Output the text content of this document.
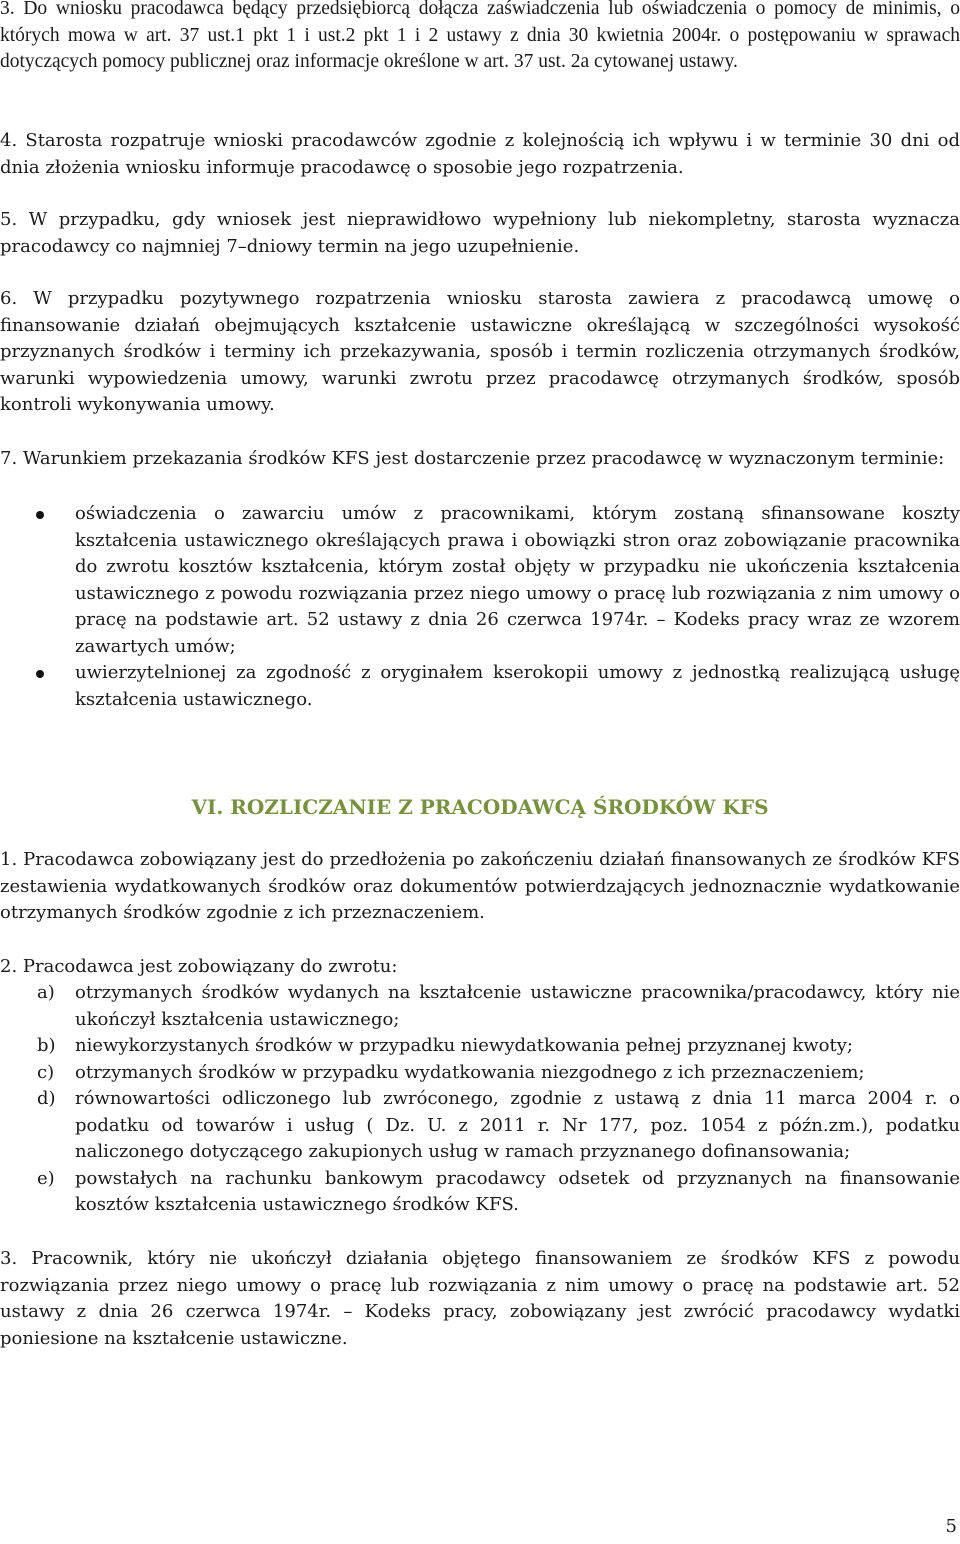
3. Do wniosku pracodawca będący przedsiębiorcą dołącza zaświadczenia lub oświadczenia o pomocy de minimis, o których mowa w art. 37 ust.1 pkt 1 i ust.2 pkt 1 i 2 ustawy z dnia 30 kwietnia 2004r. o postępowaniu w sprawach dotyczących pomocy publicznej oraz informacje określone w art. 37 ust. 2a cytowanej ustawy.

4. Starosta rozpatruje wnioski pracodawców zgodnie z kolejnością ich wpływu i w terminie 30 dni od dnia złożenia wniosku informuje pracodawcę o sposobie jego rozpatrzenia.

5. W przypadku, gdy wniosek jest nieprawidłowo wypełniony lub niekompletny, starosta wyznacza pracodawcy co najmniej 7–dniowy termin na jego uzupełnienie.

6. W przypadku pozytywnego rozpatrzenia wniosku starosta zawiera z pracodawcą umowę o finansowanie działań obejmujących kształcenie ustawiczne określającą w szczególności wysokość przyznanych środków i terminy ich przekazywania, sposób i termin rozliczenia otrzymanych środków, warunki wypowiedzenia umowy, warunki zwrotu przez pracodawcę otrzymanych środków, sposób kontroli wykonywania umowy.

7. Warunkiem przekazania środków KFS jest dostarczenie przez pracodawcę w wyznaczonym terminie:

oświadczenia o zawarciu umów z pracownikami, którym zostaną sfinansowane koszty kształcenia ustawicznego określających prawa i obowiązki stron oraz zobowiązanie pracownika do zwrotu kosztów kształcenia, którym został objęty w przypadku nie ukończenia kształcenia ustawicznego z powodu rozwiązania przez niego umowy o pracę lub rozwiązania z nim umowy o pracę na podstawie art. 52 ustawy z dnia 26 czerwca 1974r. – Kodeks pracy wraz ze wzorem zawartych umów;
uwierzytelnionej za zgodność z oryginałem kserokopii umowy z jednostką realizującą usługę kształcenia ustawicznego.
VI. ROZLICZANIE Z PRACODAWCĄ ŚRODKÓW KFS

1. Pracodawca zobowiązany jest do przedłożenia po zakończeniu działań finansowanych ze środków KFS zestawienia wydatkowanych środków oraz dokumentów potwierdzających jednoznacznie wydatkowanie otrzymanych środków zgodnie z ich przeznaczeniem.

2. Pracodawca jest zobowiązany do zwrotu:

a) otrzymanych środków wydanych na kształcenie ustawiczne pracownika/pracodawcy, który nie ukończył kształcenia ustawicznego;
b) niewykorzystanych środków w przypadku niewydatkowania pełnej przyznanej kwoty;
c) otrzymanych środków w przypadku wydatkowania niezgodnego z ich przeznaczeniem;
d) równowartości odliczonego lub zwróconego, zgodnie z ustawą z dnia 11 marca 2004 r. o podatku od towarów i usług ( Dz. U. z 2011 r. Nr 177, poz. 1054 z późn.zm.), podatku naliczonego dotyczącego zakupionych usług w ramach przyznanego dofinansowania;
e) powstałych na rachunku bankowym pracodawcy odsetek od przyznanych na finansowanie kosztów kształcenia ustawicznego środków KFS.

3. Pracownik, który nie ukończył działania objętego finansowaniem ze środków KFS z powodu rozwiązania przez niego umowy o pracę lub rozwiązania z nim umowy o pracę na podstawie art. 52 ustawy z dnia 26 czerwca 1974r. – Kodeks pracy, zobowiązany jest zwrócić pracodawcy wydatki poniesione na kształcenie ustawiczne.

5
